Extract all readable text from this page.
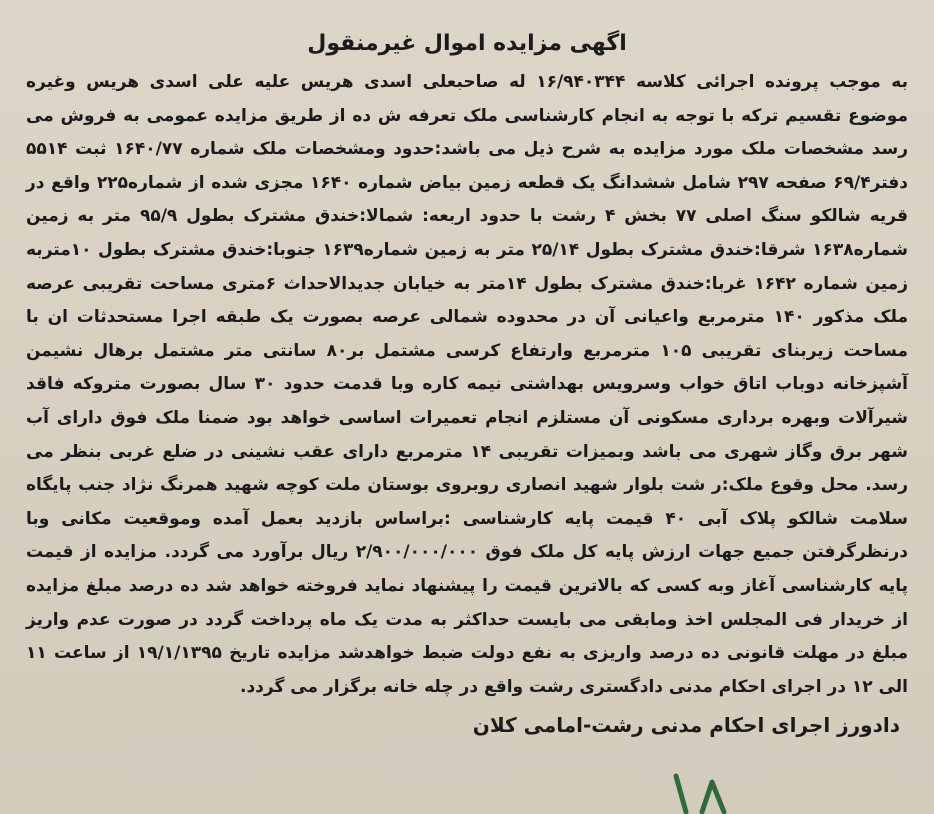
اگهی مزایده اموال غیرمنقول

به موجب پرونده اجرائی کلاسه ۱۶/۹۴۰۳۴۴ له صاحبعلی اسدی هریس علیه علی اسدی هریس وغیره موضوع تقسیم ترکه با توجه به انجام کارشناسی ملک تعرفه ش ده از طریق مزایده عمومی به فروش می رسد مشخصات ملک مورد مزایده به شرح ذیل می باشد:حدود ومشخصات ملک شماره ۱۶۴۰/۷۷ ثبت ۵۵۱۴ دفتر۶۹/۴ صفحه ۲۹۷ شامل ششدانگ یک قطعه زمین بیاض شماره ۱۶۴۰ مجزی شده از شماره۲۲۵ واقع در قریه شالکو سنگ اصلی ۷۷ بخش ۴ رشت با حدود اربعه: شمالا:خندق مشترک بطول ۹۵/۹ متر به زمین شماره۱۶۳۸ شرقا:خندق مشترک بطول ۲۵/۱۴ متر به زمین شماره۱۶۳۹ جنوبا:خندق مشترک بطول ۱۰متربه زمین شماره ۱۶۴۲ غربا:خندق مشترک بطول ۱۴متر به خیابان جدیدالاحداث ۶متری مساحت تقریبی عرصه ملک مذکور ۱۴۰ مترمربع واعیانی آن در محدوده شمالی عرصه بصورت یک طبقه اجرا مستحدثات ان با مساحت زیربنای تقریبی ۱۰۵ مترمربع وارتفاع کرسی مشتمل بر۸۰ سانتی متر مشتمل برهال نشیمن آشپزخانه دوباب اتاق خواب وسرویس بهداشتی نیمه کاره وبا قدمت حدود ۳۰ سال بصورت متروکه فاقد شیرآلات وبهره برداری مسکونی آن مستلزم انجام تعمیرات اساسی خواهد بود ضمنا ملک فوق دارای آب شهر برق وگاز شهری می باشد وبمیزات تقریبی ۱۴ مترمربع دارای عقب نشینی در ضلع غربی بنظر می رسد. محل وقوع ملک:ر شت بلوار شهید انصاری روبروی بوستان ملت کوچه شهید همرنگ نژاد جنب پایگاه سلامت شالکو پلاک آبی ۴۰ قیمت پایه کارشناسی :براساس بازدید بعمل آمده وموقعیت مکانی وبا درنظرگرفتن جمیع جهات ارزش پایه کل ملک فوق ۲/۹۰۰/۰۰۰/۰۰۰ ریال برآورد می گردد. مزایده از قیمت پایه کارشناسی آغاز وبه کسی که بالاترین قیمت را پیشنهاد نماید فروخته خواهد شد ده درصد مبلغ مزایده از خریدار فی المجلس اخذ ومابقی می بایست حداکثر به مدت یک ماه پرداخت گردد در صورت عدم واریز مبلغ در مهلت قانونی ده درصد واریزی به نفع دولت ضبط خواهدشد مزایده تاریخ ۱۹/۱/۱۳۹۵ از ساعت ۱۱ الی ۱۲ در اجرای احکام مدنی دادگستری رشت واقع در چله خانه برگزار می گردد.

دادورز اجرای احکام مدنی رشت-امامی کلان
